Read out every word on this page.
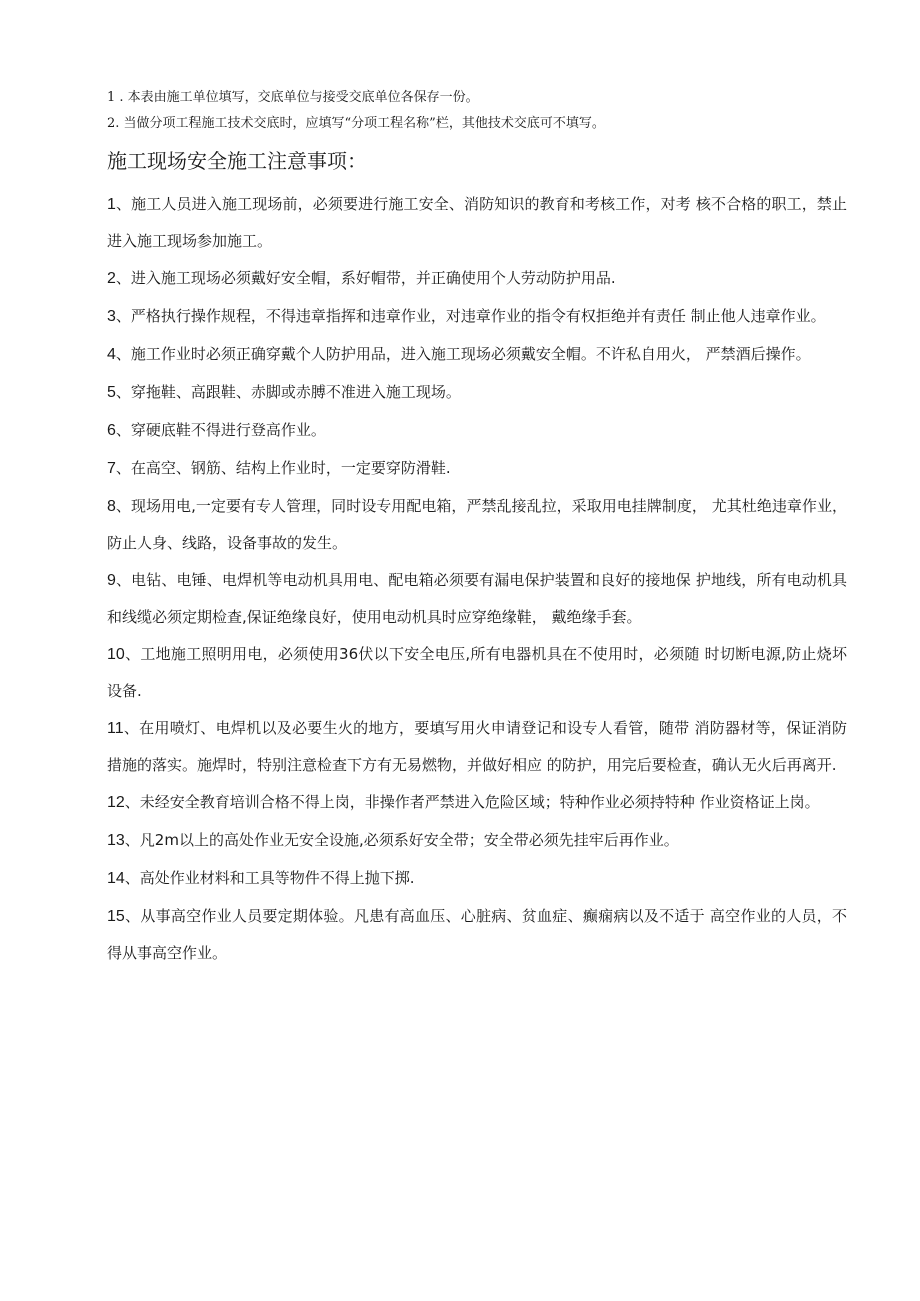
1 . 本表由施工单位填写，交底单位与接受交底单位各保存一份。
2. 当做分项工程施工技术交底时，应填写“分项工程名称”栏，其他技术交底可不填写。
施工现场安全施工注意事项：

1、施工人员进入施工现场前，必须要进行施工安全、消防知识的教育和考核工作，对考 核不合格的职工，禁止进入施工现场参加施工。

2、进入施工现场必须戴好安全帽，系好帽带，并正确使用个人劳动防护用品.

3、严格执行操作规程，不得违章指挥和违章作业，对违章作业的指令有权拒绝并有责任 制止他人违章作业。

4、施工作业时必须正确穿戴个人防护用品，进入施工现场必须戴安全帽。不许私自用火， 严禁酒后操作。

5、穿拖鞋、高跟鞋、赤脚或赤膊不准进入施工现场。

6、穿硬底鞋不得进行登高作业。

7、在高空、钢筋、结构上作业时，一定要穿防滑鞋.

8、现场用电,一定要有专人管理，同时设专用配电箱，严禁乱接乱拉，采取用电挂牌制度， 尤其杜绝违章作业，防止人身、线路，设备事故的发生。

9、电钻、电锤、电焊机等电动机具用电、配电箱必须要有漏电保护装置和良好的接地保 护地线，所有电动机具和线缆必须定期检查,保证绝缘良好，使用电动机具时应穿绝缘鞋， 戴绝缘手套。

10、工地施工照明用电，必须使用36伏以下安全电压,所有电器机具在不使用时，必须随 时切断电源,防止烧坏设备.

11、在用喷灯、电焊机以及必要生火的地方，要填写用火申请登记和设专人看管，随带 消防器材等，保证消防措施的落实。施焊时，特别注意检查下方有无易燃物，并做好相应 的防护，用完后要检查，确认无火后再离开.

12、未经安全教育培训合格不得上岗，非操作者严禁进入危险区域；特种作业必须持特种 作业资格证上岗。

13、凡2m以上的高处作业无安全设施,必须系好安全带；安全带必须先挂牢后再作业。

14、高处作业材料和工具等物件不得上抛下掷.

15、从事高空作业人员要定期体验。凡患有高血压、心脏病、贫血症、癫痫病以及不适于 高空作业的人员，不得从事高空作业。
